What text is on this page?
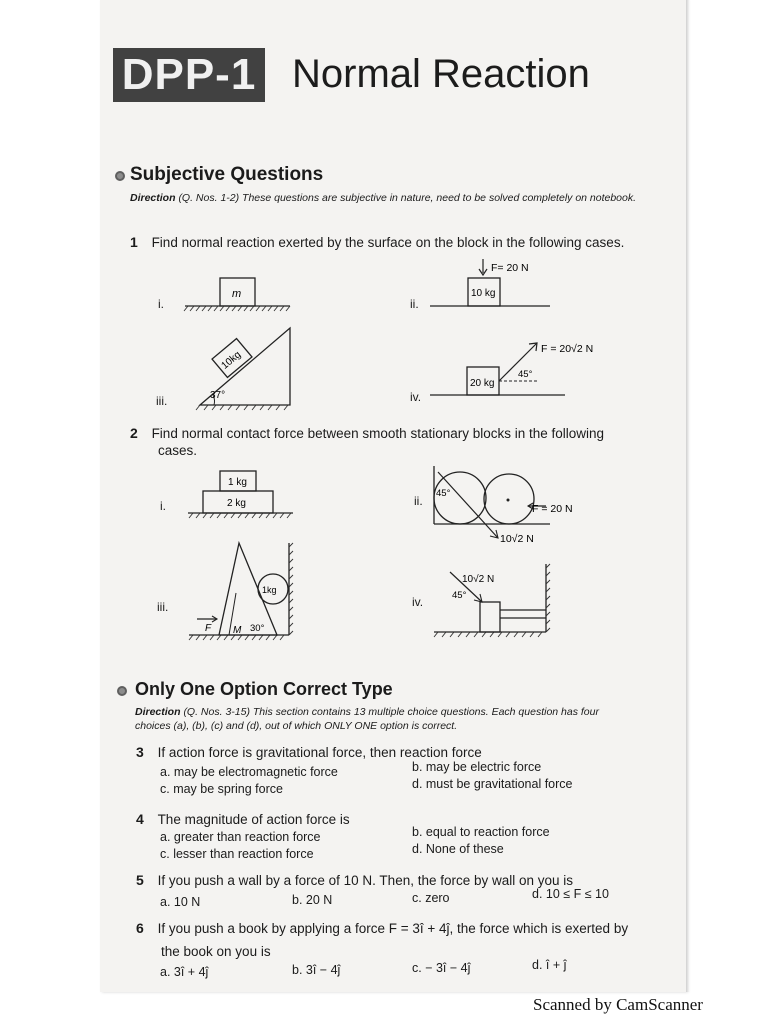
DPP-1 Normal Reaction
Subjective Questions
Direction (Q. Nos. 1-2) These questions are subjective in nature, need to be solved completely on notebook.
1 Find normal reaction exerted by the surface on the block in the following cases.
i.	ii.
iii.	iv.
m
F= 20 N
10 kg
10kg
37°
20 kg
F = 20√2 N
45°
2 Find normal contact force between smooth stationary blocks in the following
cases.
i.	ii.
iii.	iv.
1 kg
2 kg
45°
F = 20 N
10√2 N
1kg
F M 30°
10√2 N
45°
Only One Option Correct Type
Direction (Q. Nos. 3-15) This section contains 13 multiple choice questions. Each question has four
choices (a), (b), (c) and (d), out of which ONLY ONE option is correct.
3 If action force is gravitational force, then reaction force
a. may be electromagnetic force	b. may be electric force
c. may be spring force	d. must be gravitational force
4 The magnitude of action force is
a. greater than reaction force	b. equal to reaction force
c. lesser than reaction force	d. None of these
5 If you push a wall by a force of 10 N. Then, the force by wall on you is
a. 10 N	b. 20 N	c. zero	d. 10 ≤ F ≤ 10
6 If you push a book by applying a force F = 3î + 4ĵ, the force which is exerted by
the book on you is
a. 3î + 4ĵ	b. 3î − 4ĵ	c. − 3î − 4ĵ	d. î + ĵ
Scanned by CamScanner
